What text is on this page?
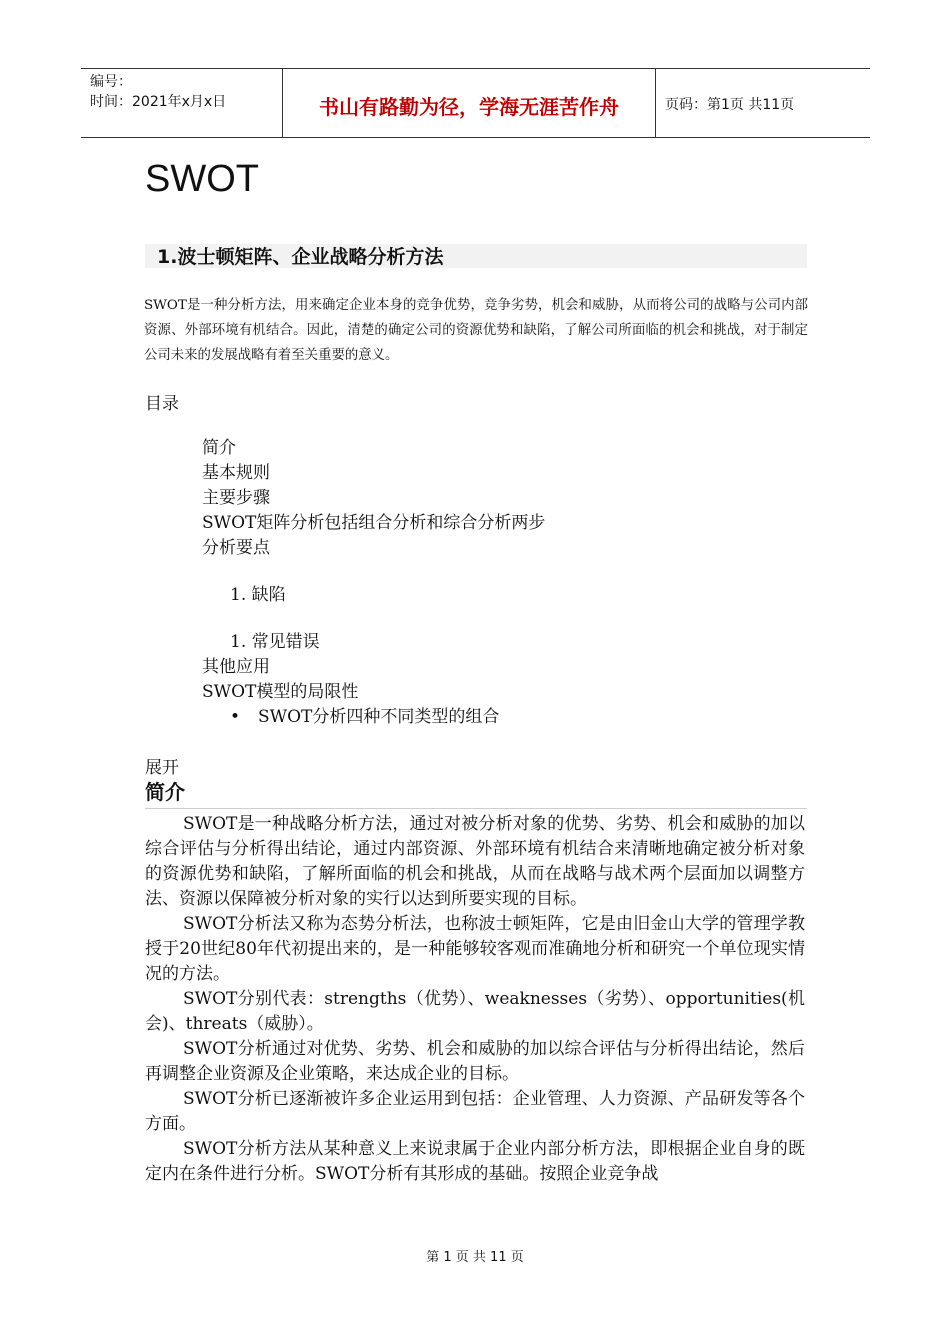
编号：
时间：2021年x月x日	书山有路勤为径，学海无涯苦作舟	页码：第1页 共11页
SWOT
1.波士顿矩阵、企业战略分析方法
SWOT是一种分析方法，用来确定企业本身的竞争优势，竞争劣势，机会和威胁，从而将公司的战略与公司内部资源、外部环境有机结合。因此，清楚的确定公司的资源优势和缺陷，了解公司所面临的机会和挑战，对于制定公司未来的发展战略有着至关重要的意义。
目录
简介
基本规则
主要步骤
SWOT矩阵分析包括组合分析和综合分析两步
分析要点
1. 缺陷
1. 常见错误
其他应用
SWOT模型的局限性
• SWOT分析四种不同类型的组合
展开
简介

SWOT是一种战略分析方法，通过对被分析对象的优势、劣势、机会和威胁的加以综合评估与分析得出结论，通过内部资源、外部环境有机结合来清晰地确定被分析对象的资源优势和缺陷，了解所面临的机会和挑战，从而在战略与战术两个层面加以调整方法、资源以保障被分析对象的实行以达到所要实现的目标。

SWOT分析法又称为态势分析法，也称波士顿矩阵，它是由旧金山大学的管理学教授于20世纪80年代初提出来的，是一种能够较客观而准确地分析和研究一个单位现实情况的方法。

SWOT分别代表：strengths（优势）、weaknesses（劣势）、opportunities(机会)、threats（威胁）。

SWOT分析通过对优势、劣势、机会和威胁的加以综合评估与分析得出结论，然后再调整企业资源及企业策略，来达成企业的目标。

SWOT分析已逐渐被许多企业运用到包括：企业管理、人力资源、产品研发等各个方面。

SWOT分析方法从某种意义上来说隶属于企业内部分析方法，即根据企业自身的既定内在条件进行分析。SWOT分析有其形成的基础。按照企业竞争战

第 1 页 共 11 页
